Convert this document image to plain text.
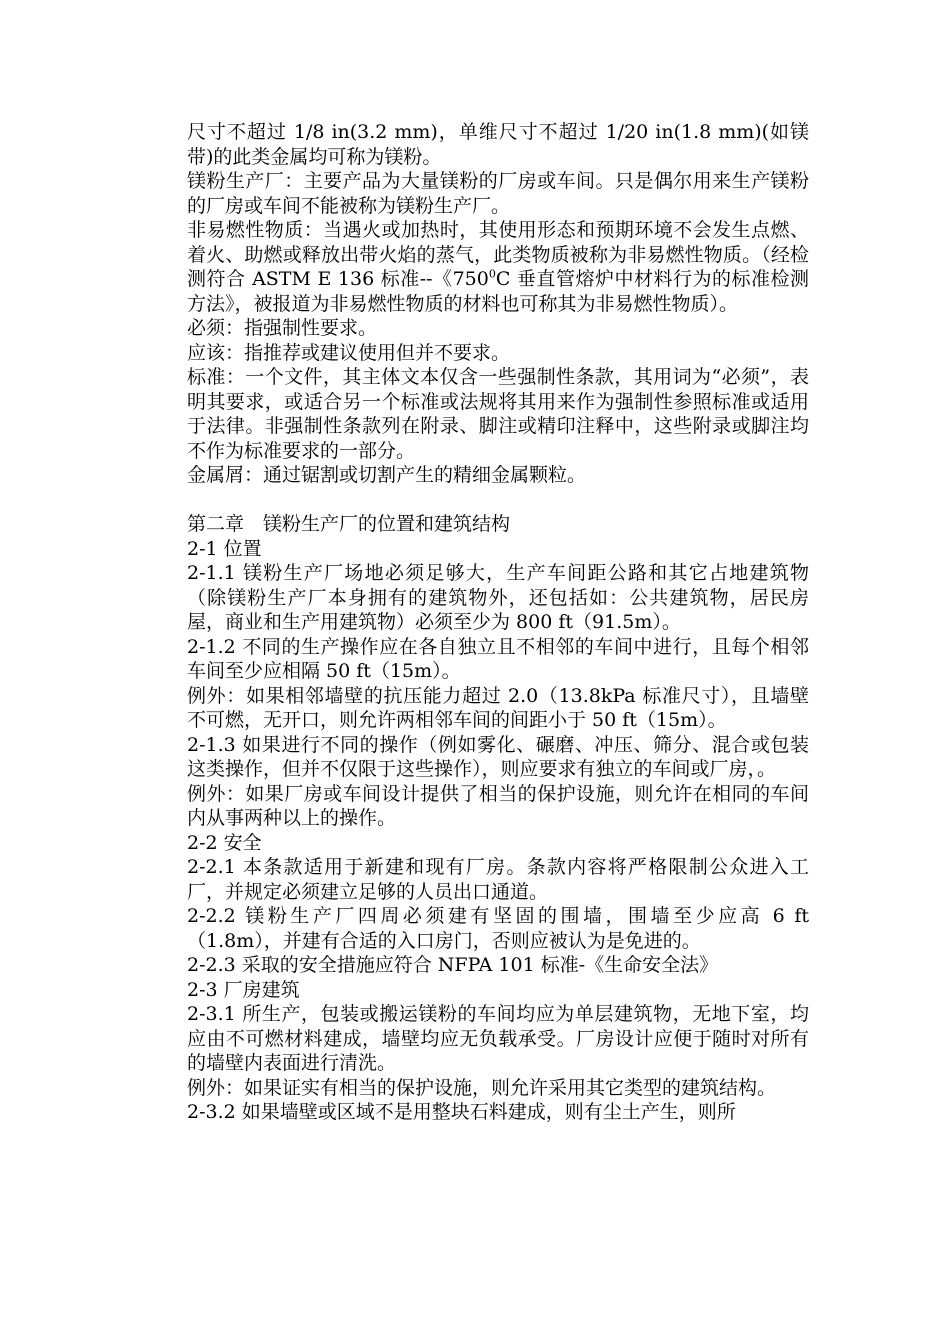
尺寸不超过 1/8 in(3.2 mm)，单维尺寸不超过 1/20 in(1.8 mm)(如镁带)的此类金属均可称为镁粉。

镁粉生产厂：主要产品为大量镁粉的厂房或车间。只是偶尔用来生产镁粉的厂房或车间不能被称为镁粉生产厂。

非易燃性物质：当遇火或加热时，其使用形态和预期环境不会发生点燃、着火、助燃或释放出带火焰的蒸气，此类物质被称为非易燃性物质。（经检测符合 ASTM E 136 标准--《$750^0C$ 垂直管熔炉中材料行为的标准检测方法》，被报道为非易燃性物质的材料也可称其为非易燃性物质）。

必须：指强制性要求。

应该：指推荐或建议使用但并不要求。

标准：一个文件，其主体文本仅含一些强制性条款，其用词为“必须”，表明其要求，或适合另一个标准或法规将其用来作为强制性参照标准或适用于法律。非强制性条款列在附录、脚注或精印注释中，这些附录或脚注均不作为标准要求的一部分。

金属屑：通过锯割或切割产生的精细金属颗粒。

第二章　镁粉生产厂的位置和建筑结构

2-1 位置

2-1.1 镁粉生产厂场地必须足够大，生产车间距公路和其它占地建筑物（除镁粉生产厂本身拥有的建筑物外，还包括如：公共建筑物，居民房屋，商业和生产用建筑物）必须至少为 800 ft（91.5m）。

2-1.2 不同的生产操作应在各自独立且不相邻的车间中进行，且每个相邻车间至少应相隔 50 ft（15m）。

例外：如果相邻墙壁的抗压能力超过 2.0（13.8kPa 标准尺寸），且墙壁不可燃，无开口，则允许两相邻车间的间距小于 50 ft（15m）。

2-1.3 如果进行不同的操作（例如雾化、碾磨、冲压、筛分、混合或包装这类操作，但并不仅限于这些操作），则应要求有独立的车间或厂房，。

例外：如果厂房或车间设计提供了相当的保护设施，则允许在相同的车间内从事两种以上的操作。

2-2 安全

2-2.1 本条款适用于新建和现有厂房。条款内容将严格限制公众进入工厂，并规定必须建立足够的人员出口通道。

2-2.2 镁粉生产厂四周必须建有坚固的围墙，围墙至少应高 6 ft（1.8m），并建有合适的入口房门，否则应被认为是免进的。

2-2.3 采取的安全措施应符合 NFPA 101 标准-《生命安全法》

2-3 厂房建筑

2-3.1 所生产，包装或搬运镁粉的车间均应为单层建筑物，无地下室，均应由不可燃材料建成，墙壁均应无负载承受。厂房设计应便于随时对所有的墙壁内表面进行清洗。

例外：如果证实有相当的保护设施，则允许采用其它类型的建筑结构。

2-3.2 如果墙壁或区域不是用整块石料建成，则有尘土产生，则所
